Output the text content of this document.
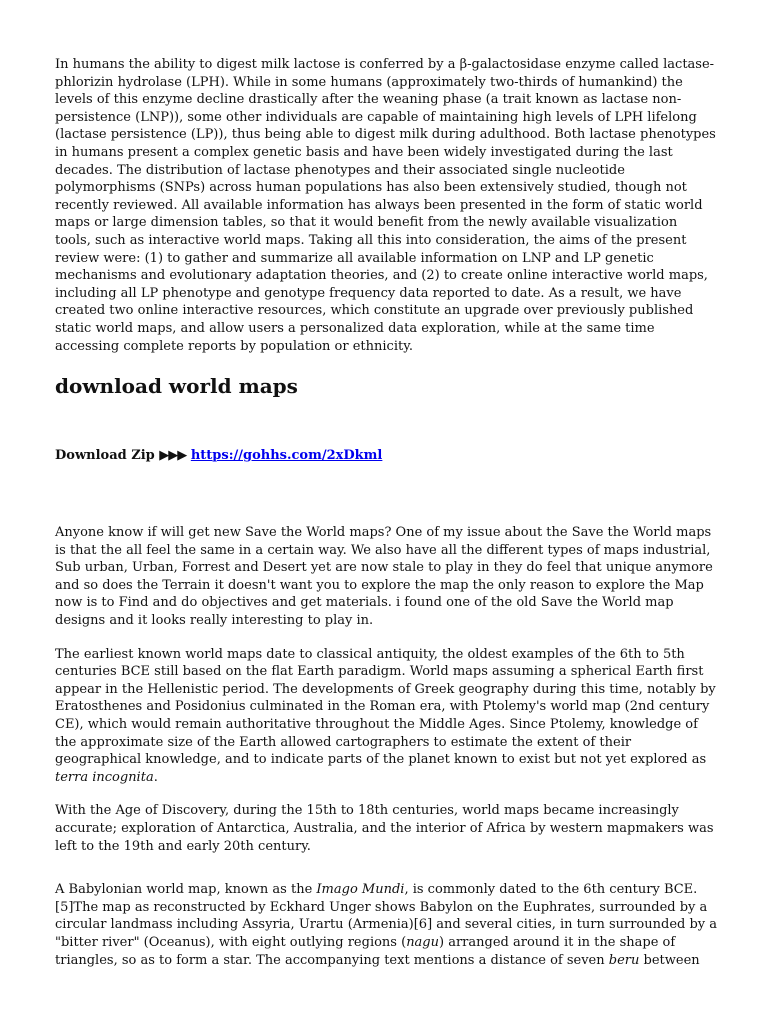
In humans the ability to digest milk lactose is conferred by a β-galactosidase enzyme called lactase-phlorizin hydrolase (LPH). While in some humans (approximately two-thirds of humankind) the levels of this enzyme decline drastically after the weaning phase (a trait known as lactase non-persistence (LNP)), some other individuals are capable of maintaining high levels of LPH lifelong (lactase persistence (LP)), thus being able to digest milk during adulthood. Both lactase phenotypes in humans present a complex genetic basis and have been widely investigated during the last decades. The distribution of lactase phenotypes and their associated single nucleotide polymorphisms (SNPs) across human populations has also been extensively studied, though not recently reviewed. All available information has always been presented in the form of static world maps or large dimension tables, so that it would benefit from the newly available visualization tools, such as interactive world maps. Taking all this into consideration, the aims of the present review were: (1) to gather and summarize all available information on LNP and LP genetic mechanisms and evolutionary adaptation theories, and (2) to create online interactive world maps, including all LP phenotype and genotype frequency data reported to date. As a result, we have created two online interactive resources, which constitute an upgrade over previously published static world maps, and allow users a personalized data exploration, while at the same time accessing complete reports by population or ethnicity.

download world maps
Download Zip ▶▶▶ https://gohhs.com/2xDkml

Anyone know if will get new Save the World maps? One of my issue about the Save the World maps is that the all feel the same in a certain way. We also have all the different types of maps industrial, Sub urban, Urban, Forrest and Desert yet are now stale to play in they do feel that unique anymore and so does the Terrain it doesn't want you to explore the map the only reason to explore the Map now is to Find and do objectives and get materials. i found one of the old Save the World map designs and it looks really interesting to play in.

The earliest known world maps date to classical antiquity, the oldest examples of the 6th to 5th centuries BCE still based on the flat Earth paradigm. World maps assuming a spherical Earth first appear in the Hellenistic period. The developments of Greek geography during this time, notably by Eratosthenes and Posidonius culminated in the Roman era, with Ptolemy's world map (2nd century CE), which would remain authoritative throughout the Middle Ages. Since Ptolemy, knowledge of the approximate size of the Earth allowed cartographers to estimate the extent of their geographical knowledge, and to indicate parts of the planet known to exist but not yet explored as terra incognita.

With the Age of Discovery, during the 15th to 18th centuries, world maps became increasingly accurate; exploration of Antarctica, Australia, and the interior of Africa by western mapmakers was left to the 19th and early 20th century.

A Babylonian world map, known as the Imago Mundi, is commonly dated to the 6th century BCE.[5]The map as reconstructed by Eckhard Unger shows Babylon on the Euphrates, surrounded by a circular landmass including Assyria, Urartu (Armenia)[6] and several cities, in turn surrounded by a "bitter river" (Oceanus), with eight outlying regions (nagu) arranged around it in the shape of triangles, so as to form a star. The accompanying text mentions a distance of seven beru between
